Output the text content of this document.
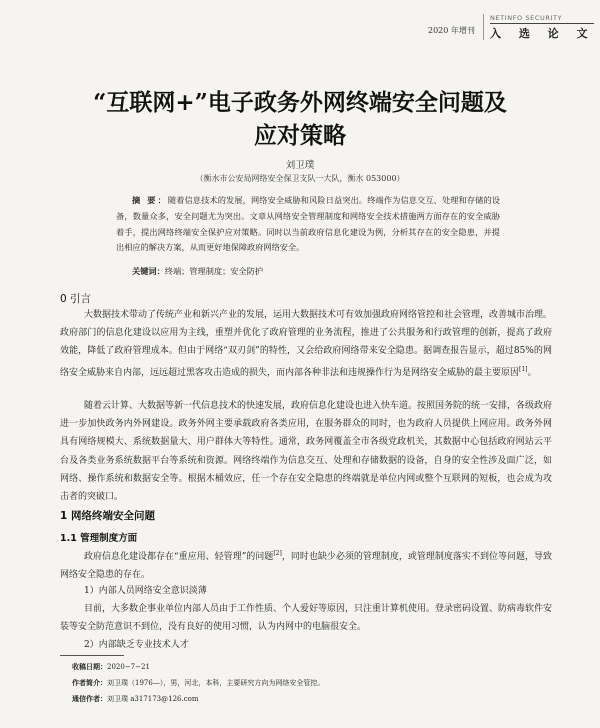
2020 年增刊
NETINFO SECURITY
入 选 论 文
“互联网+”电子政务外网终端安全问题及
应对策略
刘卫璞
（衡水市公安局网络安全保卫支队一大队，衡水 053000）
摘 要：随着信息技术的发展，网络安全威胁和风险日益突出。终端作为信息交互、处理和存储的设备，数量众多，安全问题尤为突出。文章从网络安全管理制度和网络安全技术措施两方面存在的安全威胁着手，提出网络终端安全保护应对策略。同时以当前政府信息化建设为例，分析其存在的安全隐患，并提出相应的解决方案，从而更好地保障政府网络安全。
关键词：终端；管理制度；安全防护
0 引言
大数据技术带动了传统产业和新兴产业的发展，运用大数据技术可有效加强政府网络管控和社会管理，改善城市治理。政府部门的信息化建设以应用为主线，重塑并优化了政府管理的业务流程，推进了公共服务和行政管理的创新，提高了政府效能，降低了政府管理成本。但由于网络“双刃剑”的特性，又会给政府网络带来安全隐患。据调查报告显示，超过85%的网络安全威胁来自内部，远远超过黑客攻击造成的损失，而内部各种非法和违规操作行为是网络安全威胁的最主要原因[1]。
随着云计算、大数据等新一代信息技术的快速发展，政府信息化建设也进入快车道。按照国务院的统一安排，各级政府进一步加快政务内外网建设。政务外网主要承载政府各类应用，在服务群众的同时，也为政府人员提供上网应用。政务外网具有网络规模大、系统数据量大、用户群体大等特性。通常，政务网覆盖全市各级党政机关，其数据中心包括政府网站云平台及各类业务系统数据平台等系统和资源。网络终端作为信息交互、处理和存储数据的设备，自身的安全性涉及面广泛，如网络、操作系统和数据安全等。根据木桶效应，任一个存在安全隐患的终端就是单位内网或整个互联网的短板，也会成为攻击者的突破口。
1 网络终端安全问题
1.1 管理制度方面
政府信息化建设都存在“重应用、轻管理”的问题[2]，同时也缺少必须的管理制度，或管理制度落实不到位等问题，导致网络安全隐患的存在。
1）内部人员网络安全意识淡薄
目前，大多数企事业单位内部人员由于工作性质、个人爱好等原因，只注重计算机使用。登录密码设置、防病毒软件安装等安全防范意识不到位，没有良好的使用习惯，认为内网中的电脑很安全。
2）内部缺乏专业技术人才
收稿日期：2020−7−21
作者简介：刘卫璞（1976—），男，河北，本科，主要研究方向为网络安全管控。
通信作者：刘卫璞 a317173@126.com
